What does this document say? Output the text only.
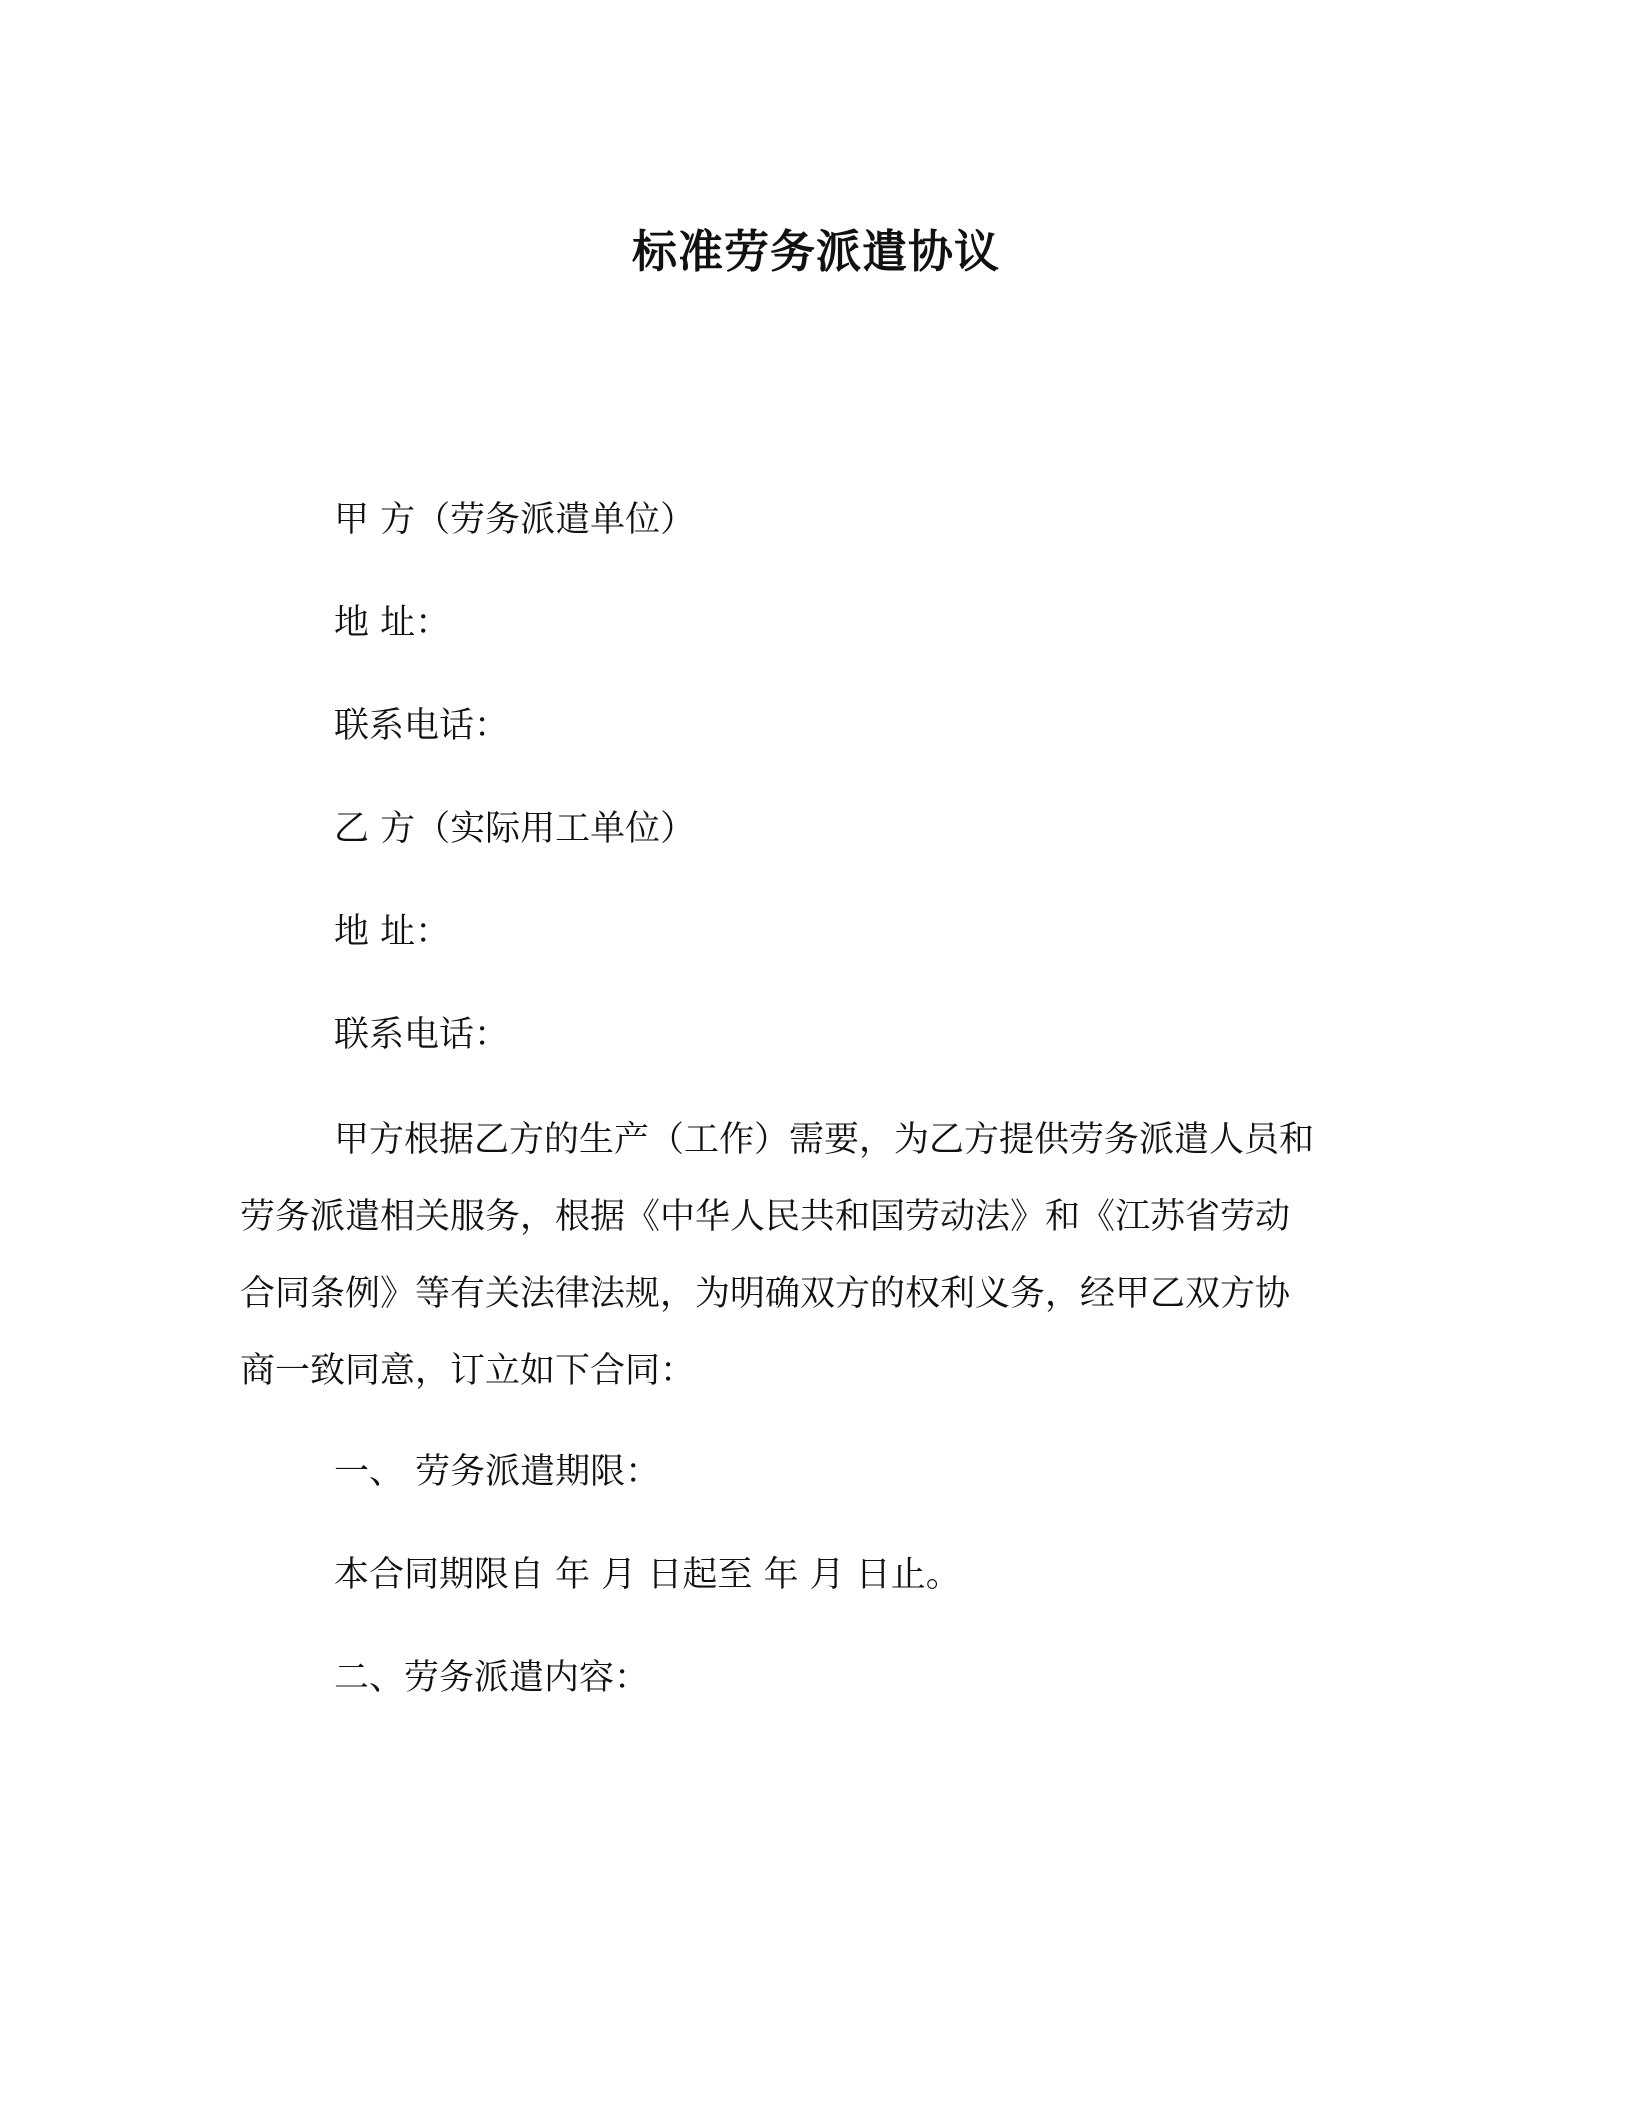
标准劳务派遣协议
甲 方（劳务派遣单位）
地 址：
联系电话：
乙 方（实际用工单位）
地 址：
联系电话：
甲方根据乙方的生产（工作）需要，为乙方提供劳务派遣人员和
劳务派遣相关服务，根据《中华人民共和国劳动法》和《江苏省劳动
合同条例》等有关法律法规，为明确双方的权利义务，经甲乙双方协
商一致同意，订立如下合同：
一、 劳务派遣期限：
本合同期限自 年 月 日起至 年 月 日止。
二、劳务派遣内容：
